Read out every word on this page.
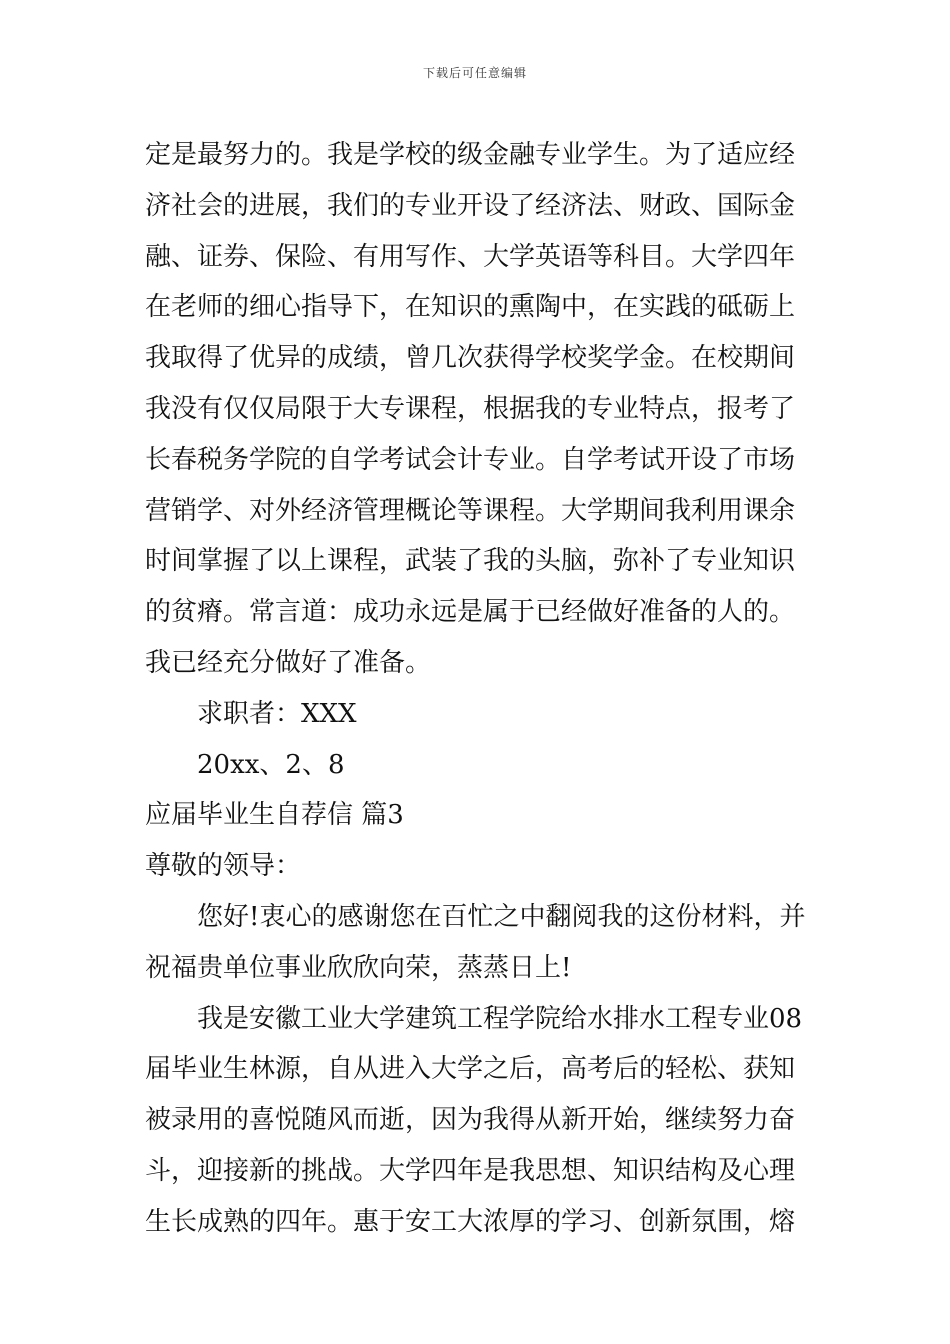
下载后可任意编辑
定是最努力的。我是学校的级金融专业学生。为了适应经
济社会的进展，我们的专业开设了经济法、财政、国际金
融、证券、保险、有用写作、大学英语等科目。大学四年
在老师的细心指导下，在知识的熏陶中，在实践的砥砺上
我取得了优异的成绩，曾几次获得学校奖学金。在校期间
我没有仅仅局限于大专课程，根据我的专业特点，报考了
长春税务学院的自学考试会计专业。自学考试开设了市场
营销学、对外经济管理概论等课程。大学期间我利用课余
时间掌握了以上课程，武装了我的头脑，弥补了专业知识
的贫瘠。常言道：成功永远是属于已经做好准备的人的。
我已经充分做好了准备。
求职者：XXX
20xx、2、8
应届毕业生自荐信 篇3
尊敬的领导：
您好!衷心的感谢您在百忙之中翻阅我的这份材料，并
祝福贵单位事业欣欣向荣，蒸蒸日上!
我是安徽工业大学建筑工程学院给水排水工程专业08
届毕业生林源，自从进入大学之后，高考后的轻松、获知
被录用的喜悦随风而逝，因为我得从新开始，继续努力奋
斗，迎接新的挑战。大学四年是我思想、知识结构及心理
生长成熟的四年。惠于安工大浓厚的学习、创新氛围，熔
